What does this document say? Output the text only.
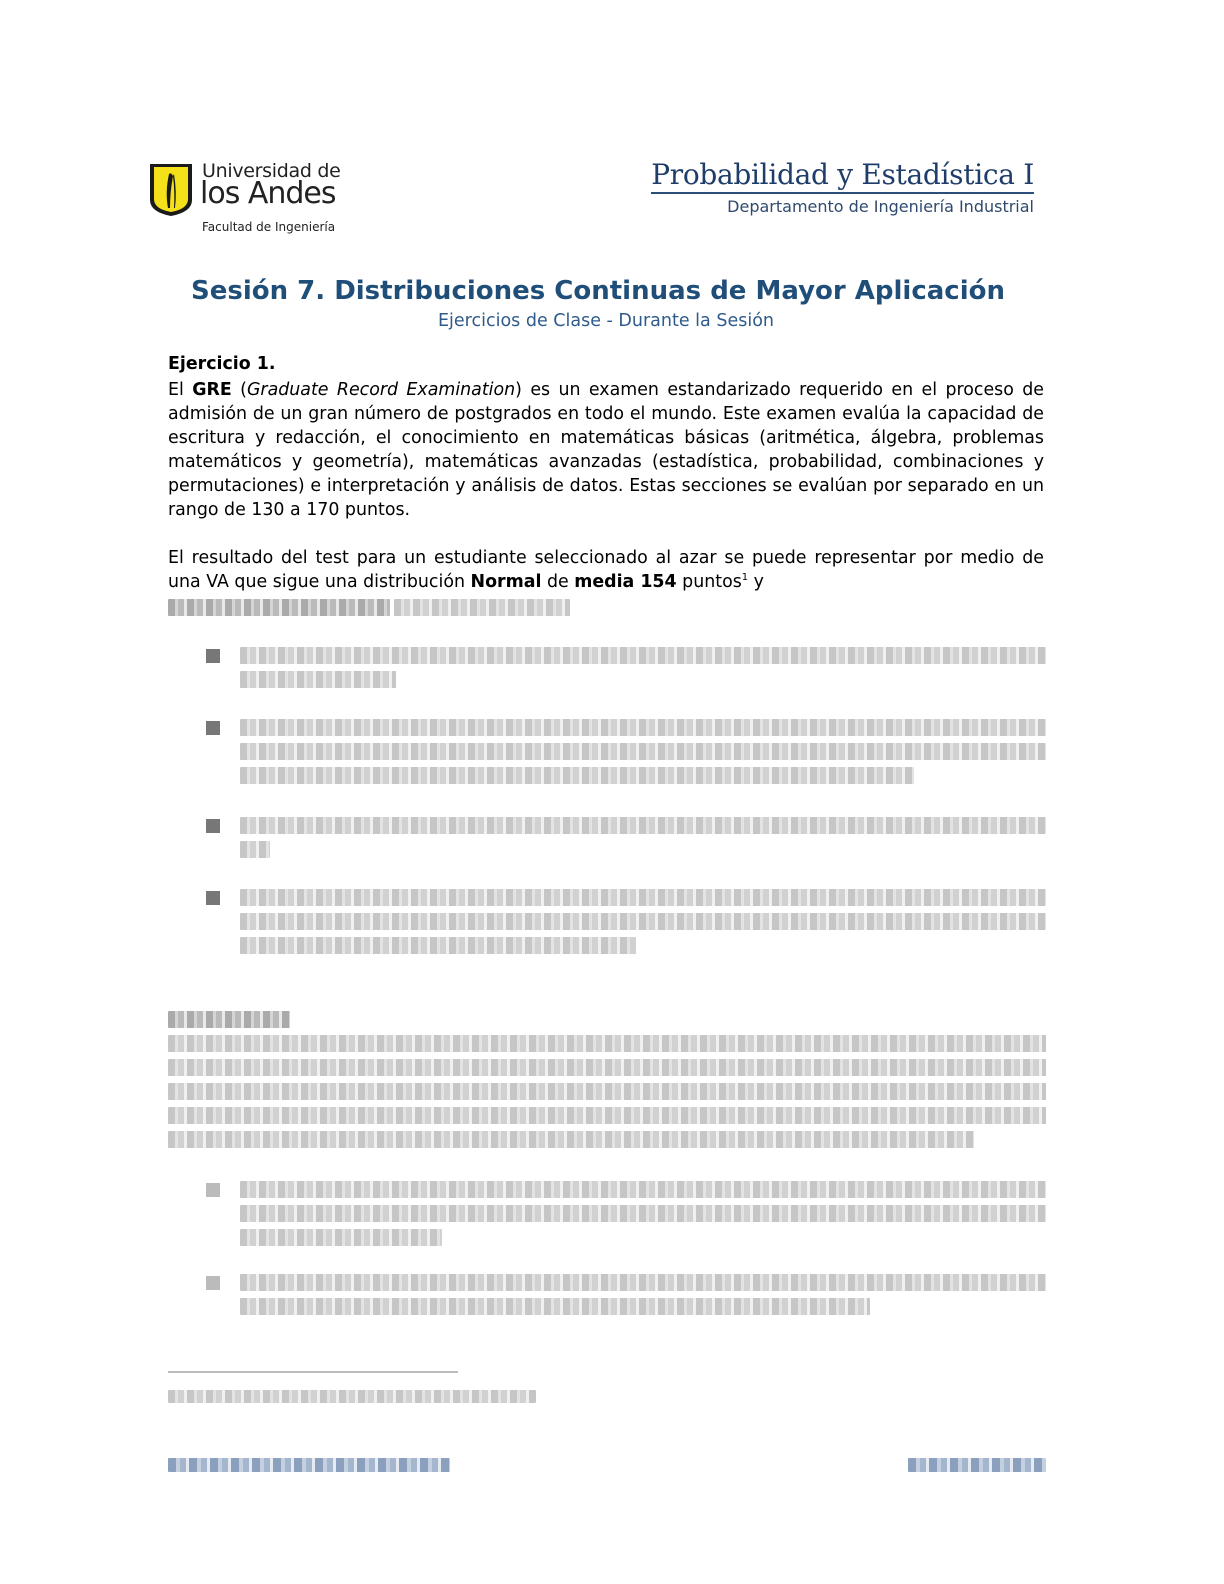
Universidad de
los Andes
Facultad de Ingeniería
Probabilidad y Estadística I
Departamento de Ingeniería Industrial
Sesión 7. Distribuciones Continuas de Mayor Aplicación
Ejercicios de Clase - Durante la Sesión
Ejercicio 1.
El GRE (Graduate Record Examination) es un examen estandarizado requerido en el proceso de admisión de un gran número de postgrados en todo el mundo. Este examen evalúa la capacidad de escritura y redacción, el conocimiento en matemáticas básicas (aritmética, álgebra, problemas matemáticos y geometría), matemáticas avanzadas (estadística, probabilidad, combinaciones y permutaciones) e interpretación y análisis de datos. Estas secciones se evalúan por separado en un rango de 130 a 170 puntos.
El resultado del test para un estudiante seleccionado al azar se puede representar por medio de una VA que sigue una distribución Normal de media 154 puntos$^1$ y
